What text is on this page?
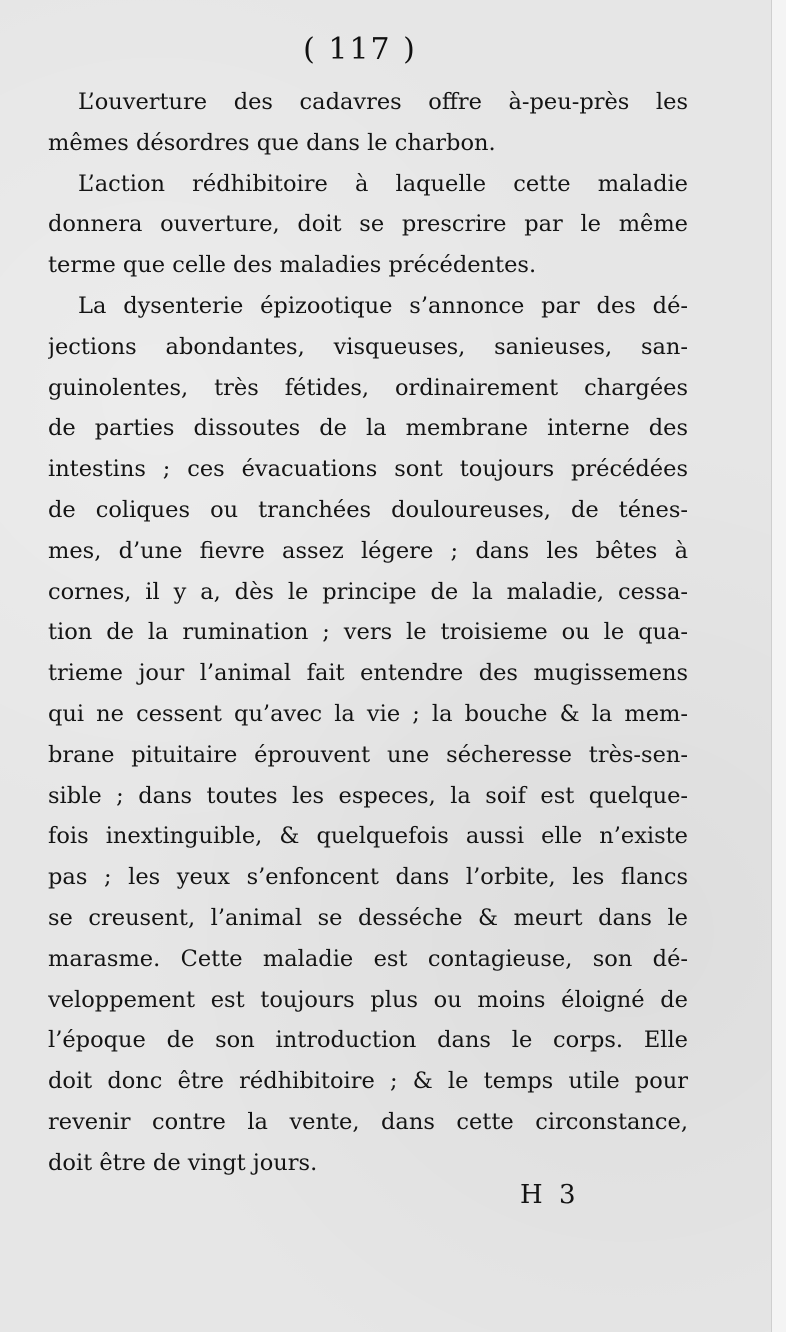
( 117 )
L’ouverture des cadavres offre à-peu-près les
mêmes désordres que dans le charbon.
L’action rédhibitoire à laquelle cette maladie
donnera ouverture, doit se prescrire par le même
terme que celle des maladies précédentes.
La dysenterie épizootique s’annonce par des dé-
jections abondantes, visqueuses, sanieuses, san-
guinolentes, très fétides, ordinairement chargées
de parties dissoutes de la membrane interne des
intestins ; ces évacuations sont toujours précédées
de coliques ou tranchées douloureuses, de ténes-
mes, d’une fievre assez légere ; dans les bêtes à
cornes, il y a, dès le principe de la maladie, cessa-
tion de la rumination ; vers le troisieme ou le qua-
trieme jour l’animal fait entendre des mugissemens
qui ne cessent qu’avec la vie ; la bouche & la mem-
brane pituitaire éprouvent une sécheresse très-sen-
sible ; dans toutes les especes, la soif est quelque-
fois inextinguible, & quelquefois aussi elle n’existe
pas ; les yeux s’enfoncent dans l’orbite, les flancs
se creusent, l’animal se desséche & meurt dans le
marasme. Cette maladie est contagieuse, son dé-
veloppement est toujours plus ou moins éloigné de
l’époque de son introduction dans le corps. Elle
doit donc être rédhibitoire ; & le temps utile pour
revenir contre la vente, dans cette circonstance,
doit être de vingt jours.
H 3
